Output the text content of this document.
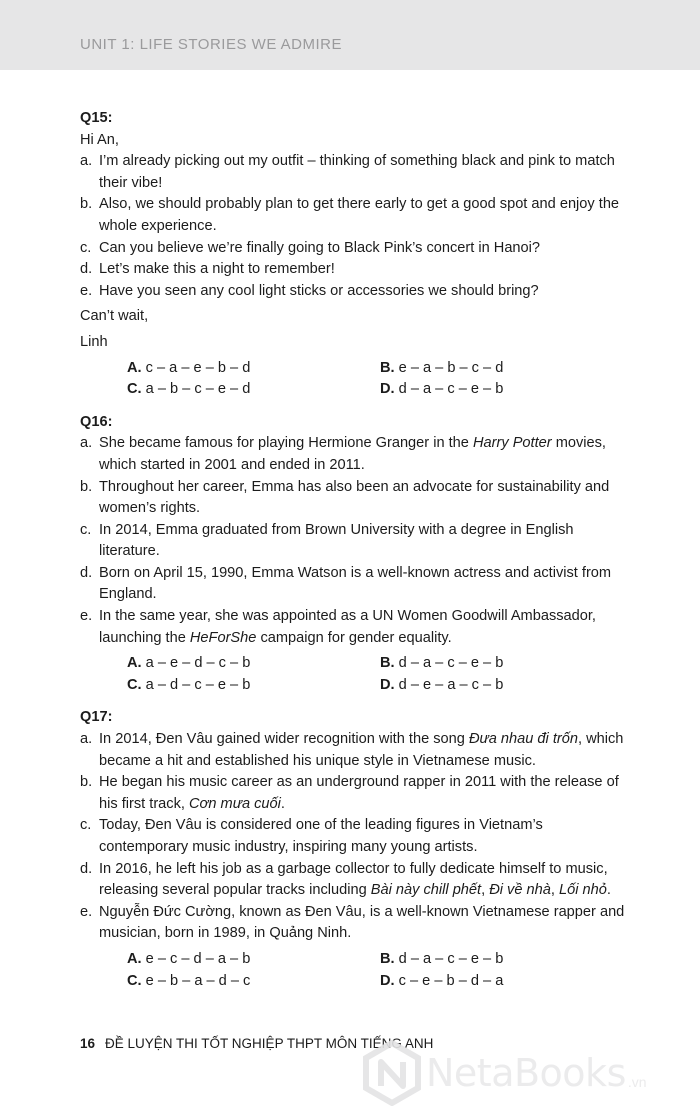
UNIT 1: LIFE STORIES WE ADMIRE
Q15:
Hi An,
a. I’m already picking out my outfit – thinking of something black and pink to match their vibe!
b. Also, we should probably plan to get there early to get a good spot and enjoy the whole experience.
c. Can you believe we’re finally going to Black Pink’s concert in Hanoi?
d. Let’s make this a night to remember!
e. Have you seen any cool light sticks or accessories we should bring?
Can’t wait,
Linh
A. c – a – e – b – d	B. e – a – b – c – d
C. a – b – c – e – d	D. d – a – c – e – b
Q16:
a. She became famous for playing Hermione Granger in the Harry Potter movies, which started in 2001 and ended in 2011.
b. Throughout her career, Emma has also been an advocate for sustainability and women’s rights.
c. In 2014, Emma graduated from Brown University with a degree in English literature.
d. Born on April 15, 1990, Emma Watson is a well-known actress and activist from England.
e. In the same year, she was appointed as a UN Women Goodwill Ambassador, launching the HeForShe campaign for gender equality.
A. a – e – d – c – b	B. d – a – c – e – b
C. a – d – c – e – b	D. d – e – a – c – b
Q17:
a. In 2014, Đen Vâu gained wider recognition with the song Đưa nhau đi trốn, which became a hit and established his unique style in Vietnamese music.
b. He began his music career as an underground rapper in 2011 with the release of his first track, Cơn mưa cuối.
c. Today, Đen Vâu is considered one of the leading figures in Vietnam’s contemporary music industry, inspiring many young artists.
d. In 2016, he left his job as a garbage collector to fully dedicate himself to music, releasing several popular tracks including Bài này chill phết, Đi về nhà, Lối nhỏ.
e. Nguyễn Đức Cường, known as Đen Vâu, is a well-known Vietnamese rapper and musician, born in 1989, in Quảng Ninh.
A. e – c – d – a – b	B. d – a – c – e – b
C. e – b – a – d – c	D. c – e – b – d – a
16 ĐỀ LUYỆN THI TỐT NGHIỆP THPT MÔN TIẾNG ANH
NetaBooks .vn
